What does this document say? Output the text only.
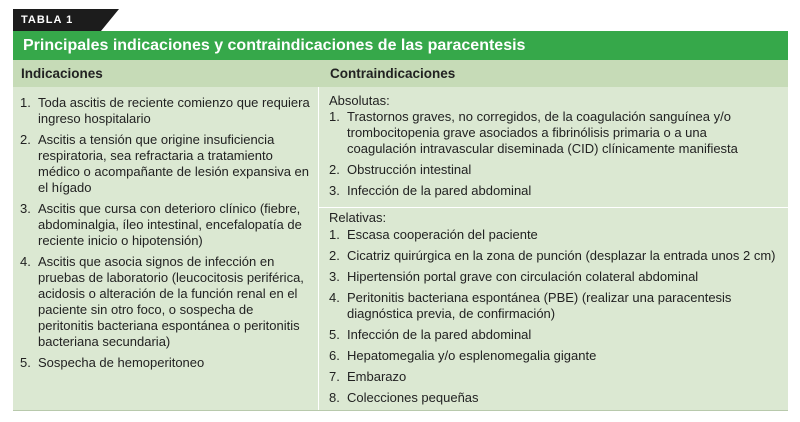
TABLA 1
Principales indicaciones y contraindicaciones de las paracentesis
Indicaciones	Contraindicaciones
1. Toda ascitis de reciente comienzo que requiera ingreso hospitalario
2. Ascitis a tensión que origine insuficiencia respiratoria, sea refractaria a tratamiento médico o acompañante de lesión expansiva en el hígado
3. Ascitis que cursa con deterioro clínico (fiebre, abdominalgia, íleo intestinal, encefalopatía de reciente inicio o hipotensión)
4. Ascitis que asocia signos de infección en pruebas de laboratorio (leucocitosis periférica, acidosis o alteración de la función renal en el paciente sin otro foco, o sospecha de peritonitis bacteriana espontánea o peritonitis bacteriana secundaria)
5. Sospecha de hemoperitoneo
Absolutas:
1. Trastornos graves, no corregidos, de la coagulación sanguínea y/o trombocitopenia grave asociados a fibrinólisis primaria o a una coagulación intravascular diseminada (CID) clínicamente manifiesta
2. Obstrucción intestinal
3. Infección de la pared abdominal
Relativas:
1. Escasa cooperación del paciente
2. Cicatriz quirúrgica en la zona de punción (desplazar la entrada unos 2 cm)
3. Hipertensión portal grave con circulación colateral abdominal
4. Peritonitis bacteriana espontánea (PBE) (realizar una paracentesis diagnóstica previa, de confirmación)
5. Infección de la pared abdominal
6. Hepatomegalia y/o esplenomegalia gigante
7. Embarazo
8. Colecciones pequeñas
